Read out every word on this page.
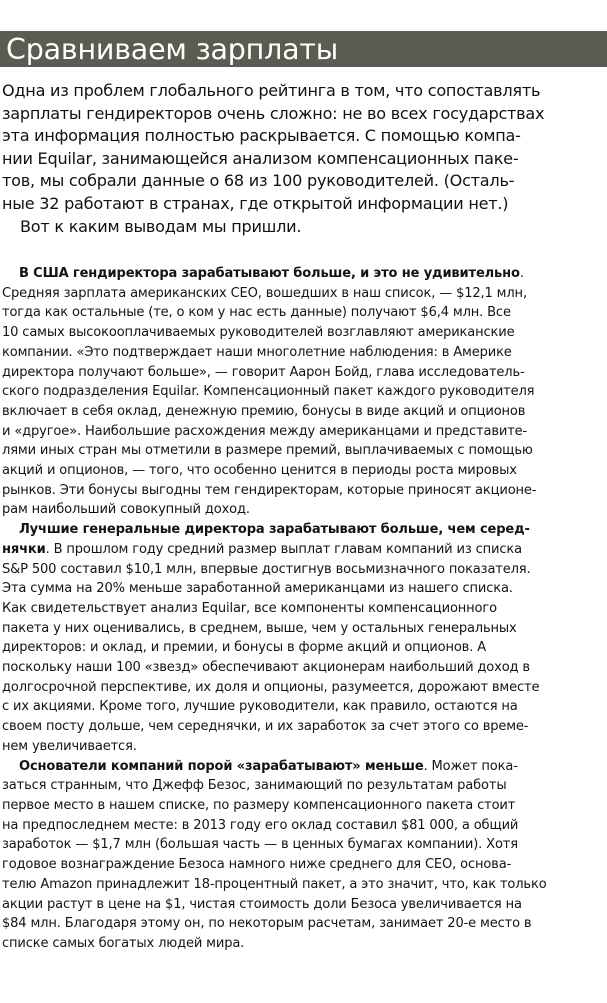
Сравниваем зарплаты
Одна из проблем глобального рейтинга в том, что сопоставлять
зарплаты гендиректоров очень сложно: не во всех государствах
эта информация полностью раскрывается. С помощью компа-
нии Equilar, занимающейся анализом компенсационных паке-
тов, мы собрали данные о 68 из 100 руководителей. (Осталь-
ные 32 работают в странах, где открытой информации нет.)
Вот к каким выводам мы пришли.
В США гендиректора зарабатывают больше, и это не удивительно.
Средняя зарплата американских CEO, вошедших в наш список, — $12,1 млн,
тогда как остальные (те, о ком у нас есть данные) получают $6,4 млн. Все
10 самых высокооплачиваемых руководителей возглавляют американские
компании. «Это подтверждает наши многолетние наблюдения: в Америке
директора получают больше», — говорит Аарон Бойд, глава исследователь-
ского подразделения Equilar. Компенсационный пакет каждого руководителя
включает в себя оклад, денежную премию, бонусы в виде акций и опционов
и «другое». Наибольшие расхождения между американцами и представите-
лями иных стран мы отметили в размере премий, выплачиваемых с помощью
акций и опционов, — того, что особенно ценится в периоды роста мировых
рынков. Эти бонусы выгодны тем гендиректорам, которые приносят акционе-
рам наибольший совокупный доход.
Лучшие генеральные директора зарабатывают больше, чем серед-
нячки. В прошлом году средний размер выплат главам компаний из списка
S&P 500 составил $10,1 млн, впервые достигнув восьмизначного показателя.
Эта сумма на 20% меньше заработанной американцами из нашего списка.
Как свидетельствует анализ Equilar, все компоненты компенсационного
пакета у них оценивались, в среднем, выше, чем у остальных генеральных
директоров: и оклад, и премии, и бонусы в форме акций и опционов. А
поскольку наши 100 «звезд» обеспечивают акционерам наибольший доход в
долгосрочной перспективе, их доля и опционы, разумеется, дорожают вместе
с их акциями. Кроме того, лучшие руководители, как правило, остаются на
своем посту дольше, чем середнячки, и их заработок за счет этого со време-
нем увеличивается.
Основатели компаний порой «зарабатывают» меньше. Может пока-
заться странным, что Джефф Безос, занимающий по результатам работы
первое место в нашем списке, по размеру компенсационного пакета стоит
на предпоследнем месте: в 2013 году его оклад составил $81 000, а общий
заработок — $1,7 млн (большая часть — в ценных бумагах компании). Хотя
годовое вознаграждение Безоса намного ниже среднего для CEO, основа-
телю Amazon принадлежит 18-процентный пакет, а это значит, что, как только
акции растут в цене на $1, чистая стоимость доли Безоса увеличивается на
$84 млн. Благодаря этому он, по некоторым расчетам, занимает 20-е место в
списке самых богатых людей мира.
